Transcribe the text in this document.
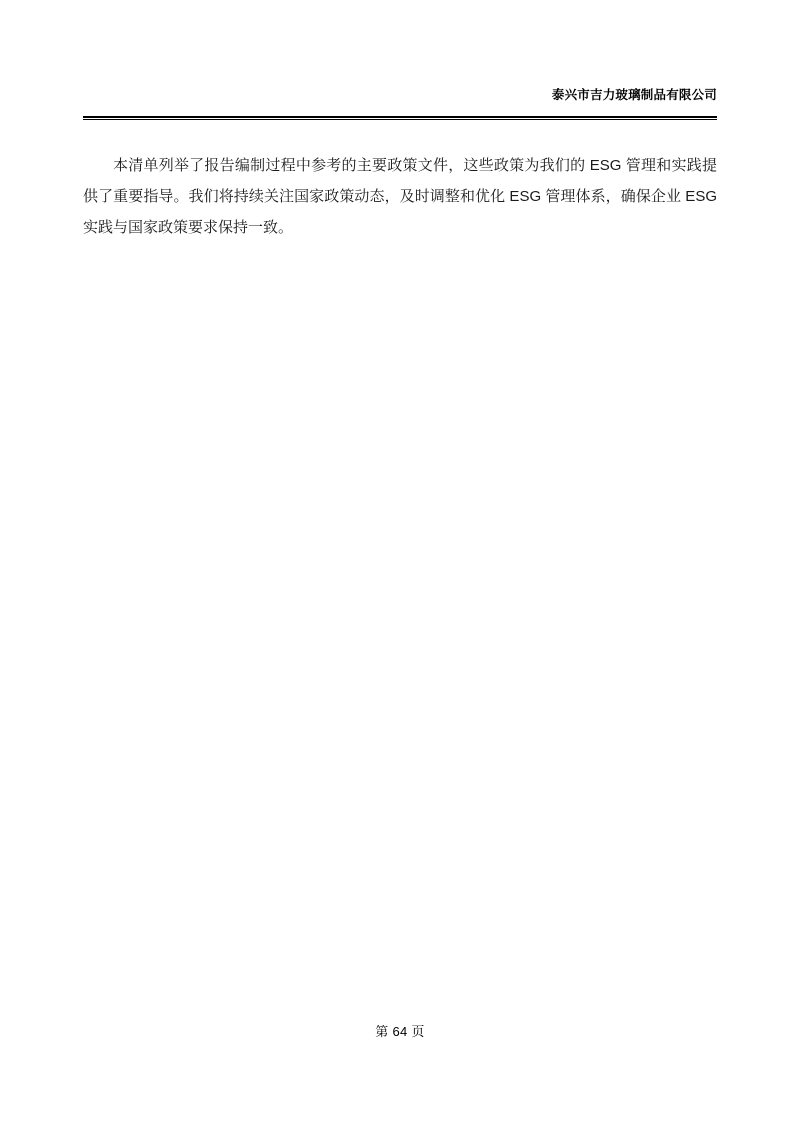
泰兴市吉力玻璃制品有限公司
本清单列举了报告编制过程中参考的主要政策文件，这些政策为我们的 ESG 管理和实践提供了重要指导。我们将持续关注国家政策动态，及时调整和优化 ESG 管理体系，确保企业 ESG 实践与国家政策要求保持一致。
第 64 页
